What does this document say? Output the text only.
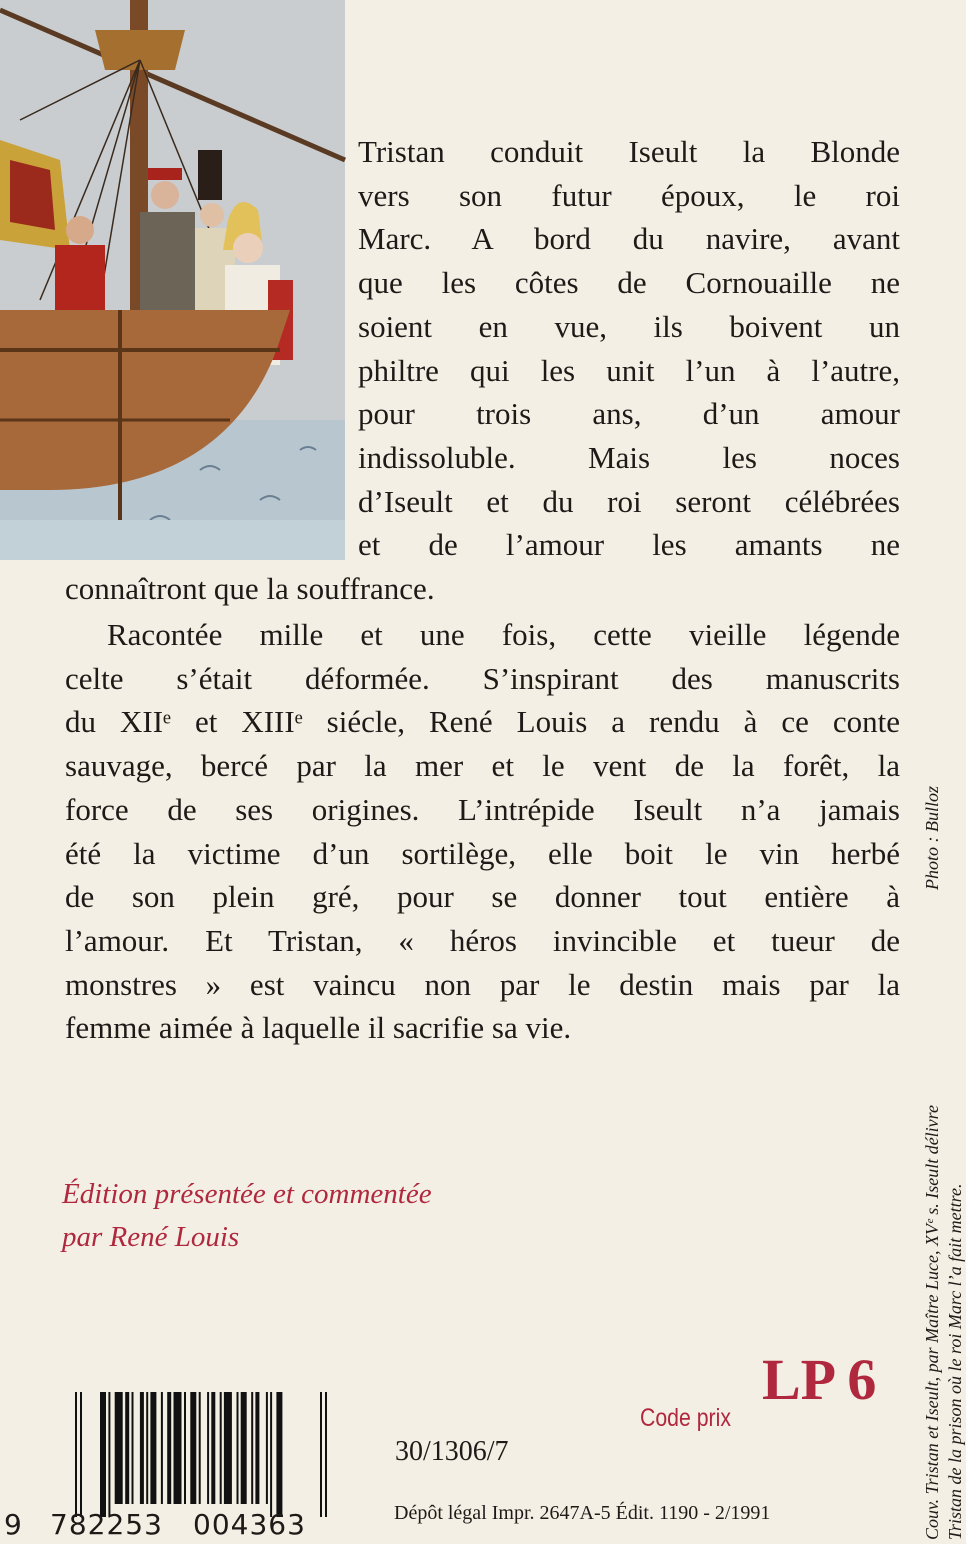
Tristan conduit Iseult la Blonde
vers son futur époux, le roi
Marc. A bord du navire, avant
que les côtes de Cornouaille ne
soient en vue, ils boivent un
philtre qui les unit l’un à l’autre,
pour trois ans, d’un amour
indissoluble. Mais les noces
d’Iseult et du roi seront célébrées
et de l’amour les amants ne
connaîtront que la souffrance.
Racontée mille et une fois, cette vieille légende
celte s’était déformée. S’inspirant des manuscrits
du XIIᵉ et XIIIᵉ siécle, René Louis a rendu à ce conte
sauvage, bercé par la mer et le vent de la forêt, la
force de ses origines. L’intrépide Iseult n’a jamais
été la victime d’un sortilège, elle boit le vin herbé
de son plein gré, pour se donner tout entière à
l’amour. Et Tristan, « héros invincible et tueur de
monstres » est vaincu non par le destin mais par la
femme aimée à laquelle il sacrifie sa vie.
Édition présentée et commentée
par René Louis
9 782253 004363
Code prix
LP 6
30/1306/7
Dépôt légal Impr. 2647A-5 Édit. 1190 - 2/1991	Couv. Tristan et Iseult, par Maître Luce, XVᵉ s. Iseult délivre Tristan de la prison où le roi Marc l’a fait mettre.
Photo : Bulloz
